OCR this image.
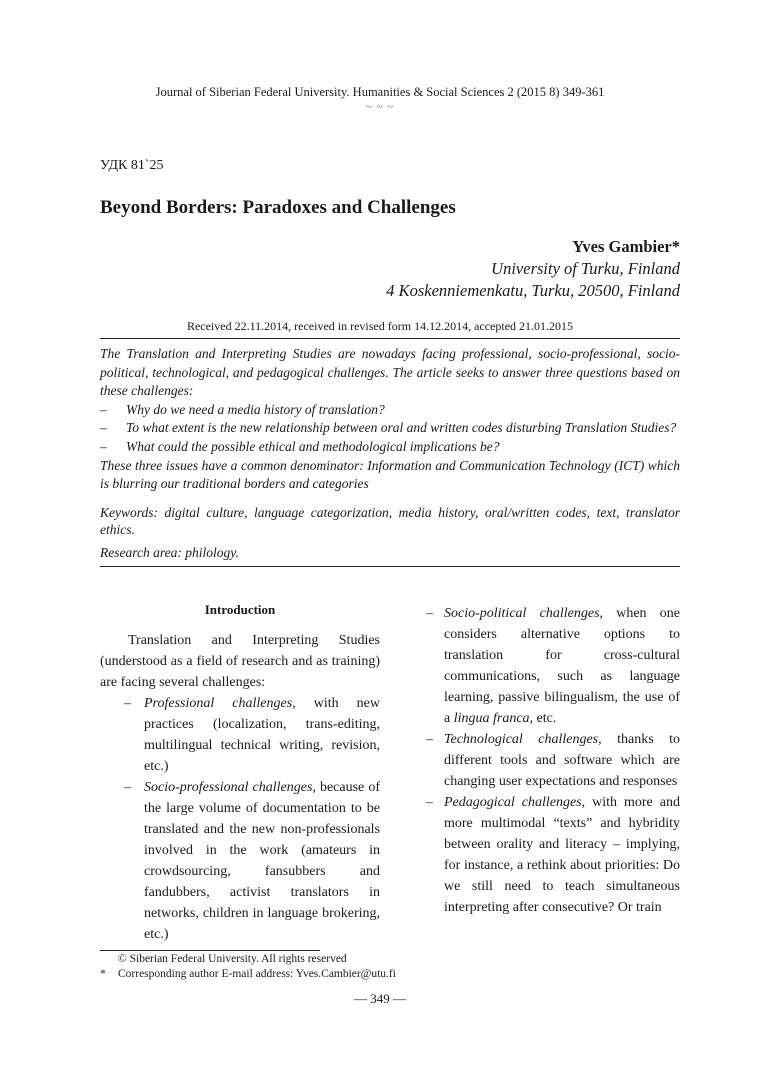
Journal of Siberian Federal University. Humanities & Social Sciences 2 (2015 8) 349-361
~ ~ ~
УДК 81`25
Beyond Borders: Paradoxes and Challenges
Yves Gambier*
University of Turku, Finland
4 Koskenniemenkatu, Turku, 20500, Finland
Received 22.11.2014, received in revised form 14.12.2014, accepted 21.01.2015

The Translation and Interpreting Studies are nowadays facing professional, socio-professional, socio-political, technological, and pedagogical challenges. The article seeks to answer three questions based on these challenges:

– Why do we need a media history of translation?

– To what extent is the new relationship between oral and written codes disturbing Translation Studies?

– What could the possible ethical and methodological implications be?

These three issues have a common denominator: Information and Communication Technology (ICT) which is blurring our traditional borders and categories

Keywords: digital culture, language categorization, media history, oral/written codes, text, translator ethics.
Research area: philology.
Introduction

Translation and Interpreting Studies (understood as a field of research and as training) are facing several challenges:

– Professional challenges, with new practices (localization, trans-editing, multilingual technical writing, revision, etc.)
– Socio-professional challenges, because of the large volume of documentation to be translated and the new non-professionals involved in the work (amateurs in crowdsourcing, fansubbers and fandubbers, activist translators in networks, children in language brokering, etc.)
– Socio-political challenges, when one considers alternative options to translation for cross-cultural communications, such as language learning, passive bilingualism, the use of a lingua franca, etc.
– Technological challenges, thanks to different tools and software which are changing user expectations and responses
– Pedagogical challenges, with more and more multimodal “texts” and hybridity between orality and literacy – implying, for instance, a rethink about priorities: Do we still need to teach simultaneous interpreting after consecutive? Or train
© Siberian Federal University. All rights reserved
* Corresponding author E-mail address: Yves.Cambier@utu.fi
— 349 —
